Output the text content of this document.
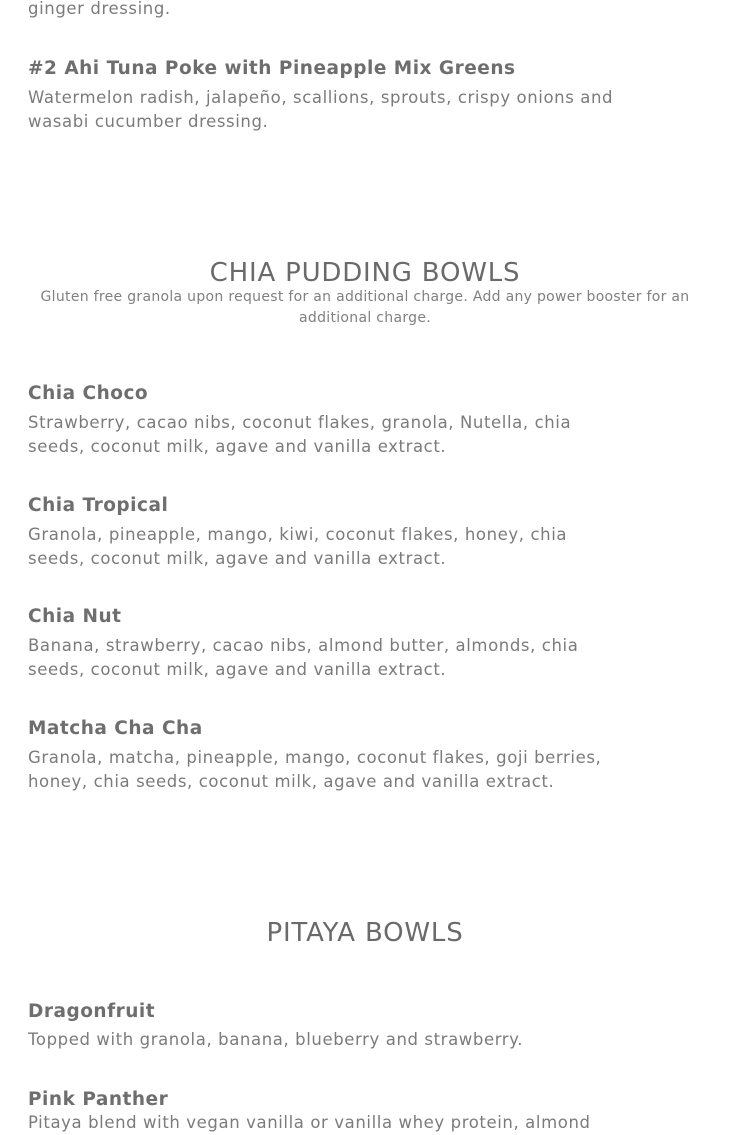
ginger dressing.
#2 Ahi Tuna Poke with Pineapple Mix Greens
Watermelon radish, jalapeño, scallions, sprouts, crispy onions and
wasabi cucumber dressing.
CHIA PUDDING BOWLS
Gluten free granola upon request for an additional charge. Add any power booster for an additional charge.
Chia Choco
Strawberry, cacao nibs, coconut flakes, granola, Nutella, chia
seeds, coconut milk, agave and vanilla extract.
Chia Tropical
Granola, pineapple, mango, kiwi, coconut flakes, honey, chia
seeds, coconut milk, agave and vanilla extract.
Chia Nut
Banana, strawberry, cacao nibs, almond butter, almonds, chia
seeds, coconut milk, agave and vanilla extract.
Matcha Cha Cha
Granola, matcha, pineapple, mango, coconut flakes, goji berries,
honey, chia seeds, coconut milk, agave and vanilla extract.
PITAYA BOWLS
Dragonfruit
Topped with granola, banana, blueberry and strawberry.
Pink Panther
Pitaya blend with vegan vanilla or vanilla whey protein, almond
